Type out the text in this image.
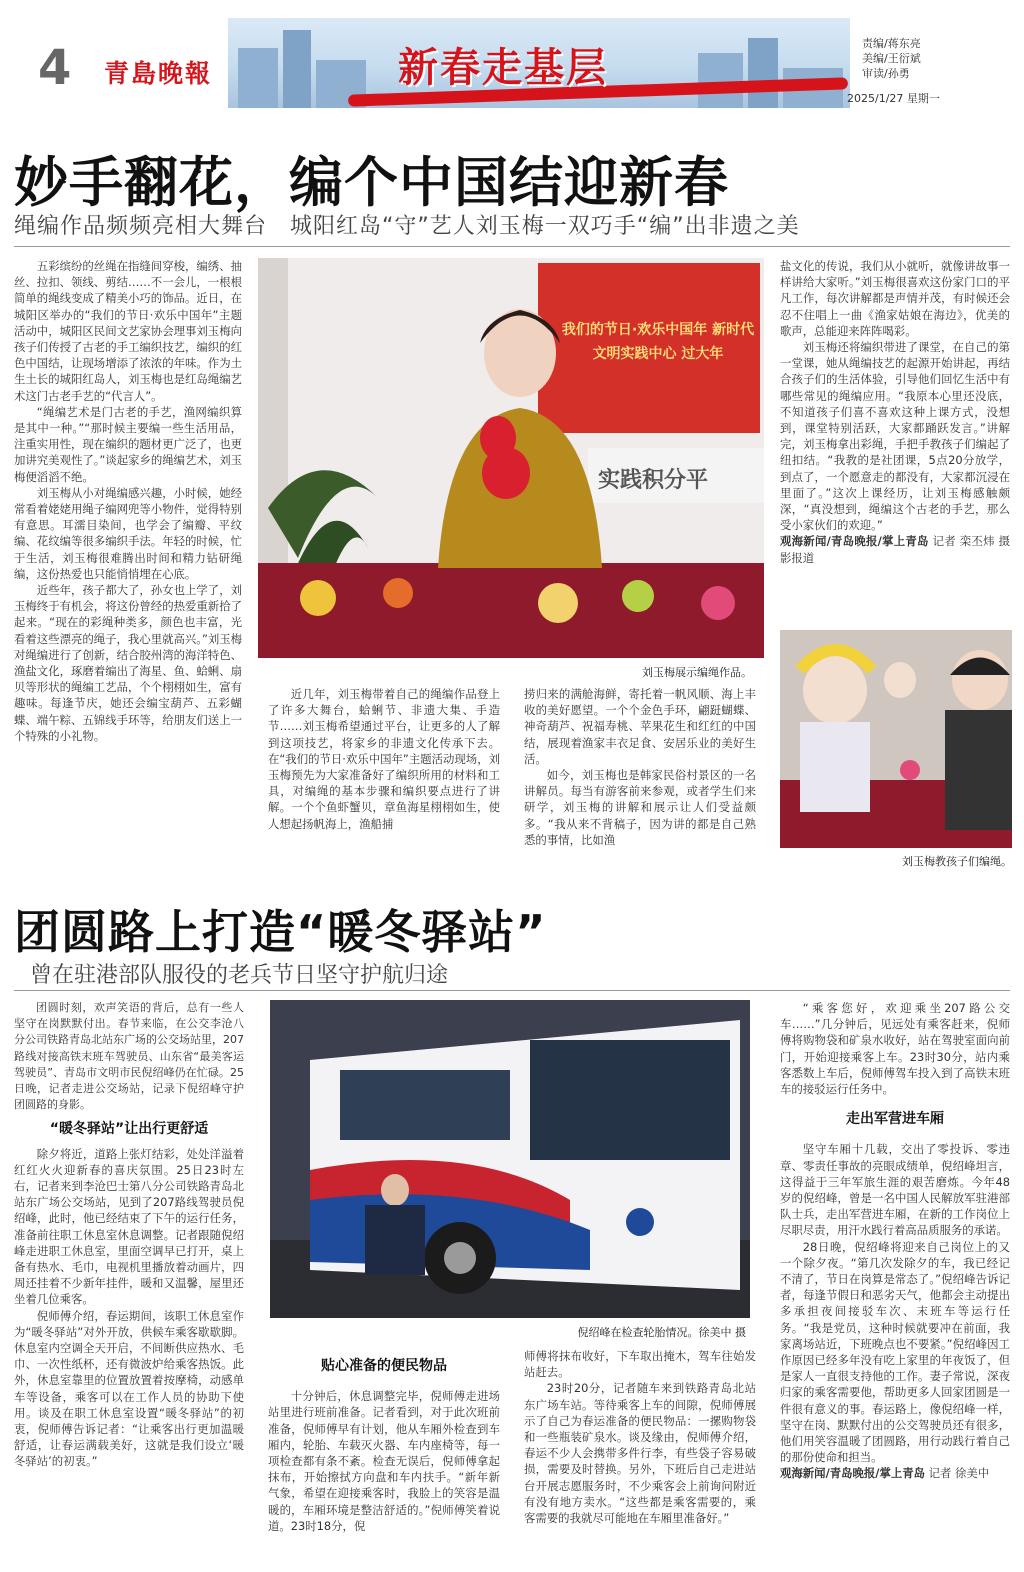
4 青島晚報	新春走基层
责编/蒋东亮
美编/王衍斌
审读/孙勇
2025/1/27 星期一
妙手翻花，编个中国结迎新春
绳编作品频频亮相大舞台　城阳红岛“守”艺人刘玉梅一双巧手“编”出非遗之美

五彩缤纷的丝绳在指缝间穿梭，编绣、抽丝、拉扣、领线、剪结……不一会儿，一根根简单的绳线变成了精美小巧的饰品。近日，在城阳区举办的“我们的节日·欢乐中国年”主题活动中，城阳区民间文艺家协会理事刘玉梅向孩子们传授了古老的手工编织技艺，编织的红色中国结，让现场增添了浓浓的年味。作为土生土长的城阳红岛人，刘玉梅也是红岛绳编艺术这门古老手艺的“代言人”。

“绳编艺术是门古老的手艺，渔网编织算是其中一种。”“那时候主要编一些生活用品，注重实用性，现在编织的题材更广泛了，也更加讲究美观性了。”谈起家乡的绳编艺术，刘玉梅便滔滔不绝。

刘玉梅从小对绳编感兴趣，小时候，她经常看着姥姥用绳子编网兜等小物件，觉得特别有意思。耳濡目染间，也学会了编瓣、平纹编、花纹编等很多编织手法。年轻的时候，忙于生活，刘玉梅很难腾出时间和精力钻研绳编，这份热爱也只能悄悄埋在心底。

近些年，孩子都大了，孙女也上学了，刘玉梅终于有机会，将这份曾经的热爱重新拾了起来。“现在的彩绳种类多，颜色也丰富，光看着这些漂亮的绳子，我心里就高兴。”刘玉梅对绳编进行了创新，结合胶州湾的海洋特色、渔盐文化，琢磨着编出了海星、鱼、蛤蜊、扇贝等形状的绳编工艺品，个个栩栩如生，富有趣味。每逢节庆，她还会编宝葫芦、五彩蝴蝶、端午粽、五锦线手环等，给朋友们送上一个特殊的小礼物。

我们的节日·欢乐中国年 新时代文明实践中心 过大年
实践积分平
刘玉梅展示编绳作品。

近几年，刘玉梅带着自己的绳编作品登上了许多大舞台，蛤蜊节、非遗大集、手造节……刘玉梅希望通过平台，让更多的人了解到这项技艺，将家乡的非遗文化传承下去。在“我们的节日·欢乐中国年”主题活动现场，刘玉梅预先为大家准备好了编织所用的材料和工具，对编绳的基本步骤和编织要点进行了讲解。一个个鱼虾蟹贝，章鱼海星栩栩如生，使人想起扬帆海上，渔船捕

捞归来的满舱海鲜，寄托着一帆风顺、海上丰收的美好愿望。一个个金色手环，翩跹蝴蝶、神奇葫芦、祝福寿桃、苹果花生和红红的中国结，展现着渔家丰衣足食、安居乐业的美好生活。

如今，刘玉梅也是韩家民俗村景区的一名讲解员。每当有游客前来参观，或者学生们来研学，刘玉梅的讲解和展示让人们受益颇多。“我从来不背稿子，因为讲的都是自己熟悉的事情，比如渔

盐文化的传说，我们从小就听，就像讲故事一样讲给大家听。”刘玉梅很喜欢这份家门口的平凡工作，每次讲解都是声情并茂，有时候还会忍不住唱上一曲《渔家姑娘在海边》，优美的歌声，总能迎来阵阵喝彩。

刘玉梅还将编织带进了课堂，在自己的第一堂课，她从绳编技艺的起源开始讲起，再结合孩子们的生活体验，引导他们回忆生活中有哪些常见的绳编应用。“我原本心里还没底，不知道孩子们喜不喜欢这种上课方式，没想到，课堂特别活跃，大家都踊跃发言。”讲解完，刘玉梅拿出彩绳，手把手教孩子们编起了纽扣结。“我教的是社团课，5点20分放学，到点了，一个愿意走的都没有，大家都沉浸在里面了。”这次上课经历，让刘玉梅感触颇深，“真没想到，绳编这个古老的手艺，那么受小家伙们的欢迎。”

观海新闻/青岛晚报/掌上青岛 记者 栾丕炜 摄影报道

刘玉梅教孩子们编绳。
团圆路上打造“暖冬驿站”
曾在驻港部队服役的老兵节日坚守护航归途

团圆时刻，欢声笑语的背后，总有一些人坚守在岗默默付出。春节来临，在公交李沧八分公司铁路青岛北站东广场的公交场站里，207路线对接高铁末班车驾驶员、山东省“最美客运驾驶员”、青岛市文明市民倪绍峰仍在忙碌。25日晚，记者走进公交场站，记录下倪绍峰守护团圆路的身影。

“暖冬驿站”让出行更舒适

除夕将近，道路上张灯结彩，处处洋溢着红红火火迎新春的喜庆氛围。25日23时左右，记者来到李沧巴士第八分公司铁路青岛北站东广场公交场站，见到了207路线驾驶员倪绍峰，此时，他已经结束了下午的运行任务，准备前往职工休息室休息调整。记者跟随倪绍峰走进职工休息室，里面空调早已打开，桌上备有热水、毛巾，电视机里播放着动画片，四周还挂着不少新年挂件，暖和又温馨，屋里还坐着几位乘客。

倪师傅介绍，春运期间，该职工休息室作为“暖冬驿站”对外开放，供候车乘客歇歇脚。休息室内空调全天开启，不间断供应热水、毛巾、一次性纸杯，还有微波炉给乘客热饭。此外，休息室靠里的位置放置着按摩椅，动感单车等设备，乘客可以在工作人员的协助下使用。谈及在职工休息室设置“暖冬驿站”的初衷，倪师傅告诉记者：“让乘客出行更加温暖舒适，让春运满载美好，这就是我们设立‘暖冬驿站’的初衷。”

倪绍峰在检查轮胎情况。徐美中 摄

贴心准备的便民物品

十分钟后，休息调整完毕，倪师傅走进场站里进行班前准备。记者看到，对于此次班前准备，倪师傅早有计划，他从车厢外检查到车厢内，轮胎、车载灭火器、车内座椅等，每一项检查都有条不紊。检查无误后，倪师傅拿起抹布，开始擦拭方向盘和车内扶手。“新年新气象，希望在迎接乘客时，我脸上的笑容是温暖的，车厢环境是整洁舒适的。”倪师傅笑着说道。23时18分，倪

师傅将抹布收好，下车取出掩木，驾车往始发站赶去。

23时20分，记者随车来到铁路青岛北站东广场车站。等待乘客上车的间隙，倪师傅展示了自己为春运准备的便民物品：一摞购物袋和一些瓶装矿泉水。谈及缘由，倪师傅介绍，春运不少人会携带多件行李，有些袋子容易破损，需要及时替换。另外，下班后自己走进站台开展志愿服务时，不少乘客会上前询问附近有没有地方卖水。“这些都是乘客需要的，乘客需要的我就尽可能地在车厢里准备好。”

“乘客您好，欢迎乘坐207路公交车……”几分钟后，见远处有乘客赶来，倪师傅将购物袋和矿泉水收好，站在驾驶室面向前门，开始迎接乘客上车。23时30分，站内乘客悉数上车后，倪师傅驾车投入到了高铁末班车的接驳运行任务中。

走出军营进车厢

坚守车厢十几载，交出了零投诉、零违章、零责任事故的亮眼成绩单，倪绍峰坦言，这得益于三年军旅生涯的艰苦磨炼。今年48岁的倪绍峰，曾是一名中国人民解放军驻港部队士兵，走出军营进车厢，在新的工作岗位上尽职尽责，用汗水践行着高品质服务的承诺。

28日晚，倪绍峰将迎来自己岗位上的又一个除夕夜。“第几次发除夕的车，我已经记不清了，节日在岗算是常态了。”倪绍峰告诉记者，每逢节假日和恶劣天气，他都会主动提出多承担夜间接驳车次、末班车等运行任务。“我是党员，这种时候就要冲在前面，我家离场站近，下班晚点也不要紧。”倪绍峰因工作原因已经多年没有吃上家里的年夜饭了，但是家人一直很支持他的工作。妻子常说，深夜归家的乘客需要他，帮助更多人回家团圆是一件很有意义的事。春运路上，像倪绍峰一样，坚守在岗、默默付出的公交驾驶员还有很多，他们用笑容温暖了团圆路，用行动践行着自己的那份使命和担当。

观海新闻/青岛晚报/掌上青岛 记者 徐美中
